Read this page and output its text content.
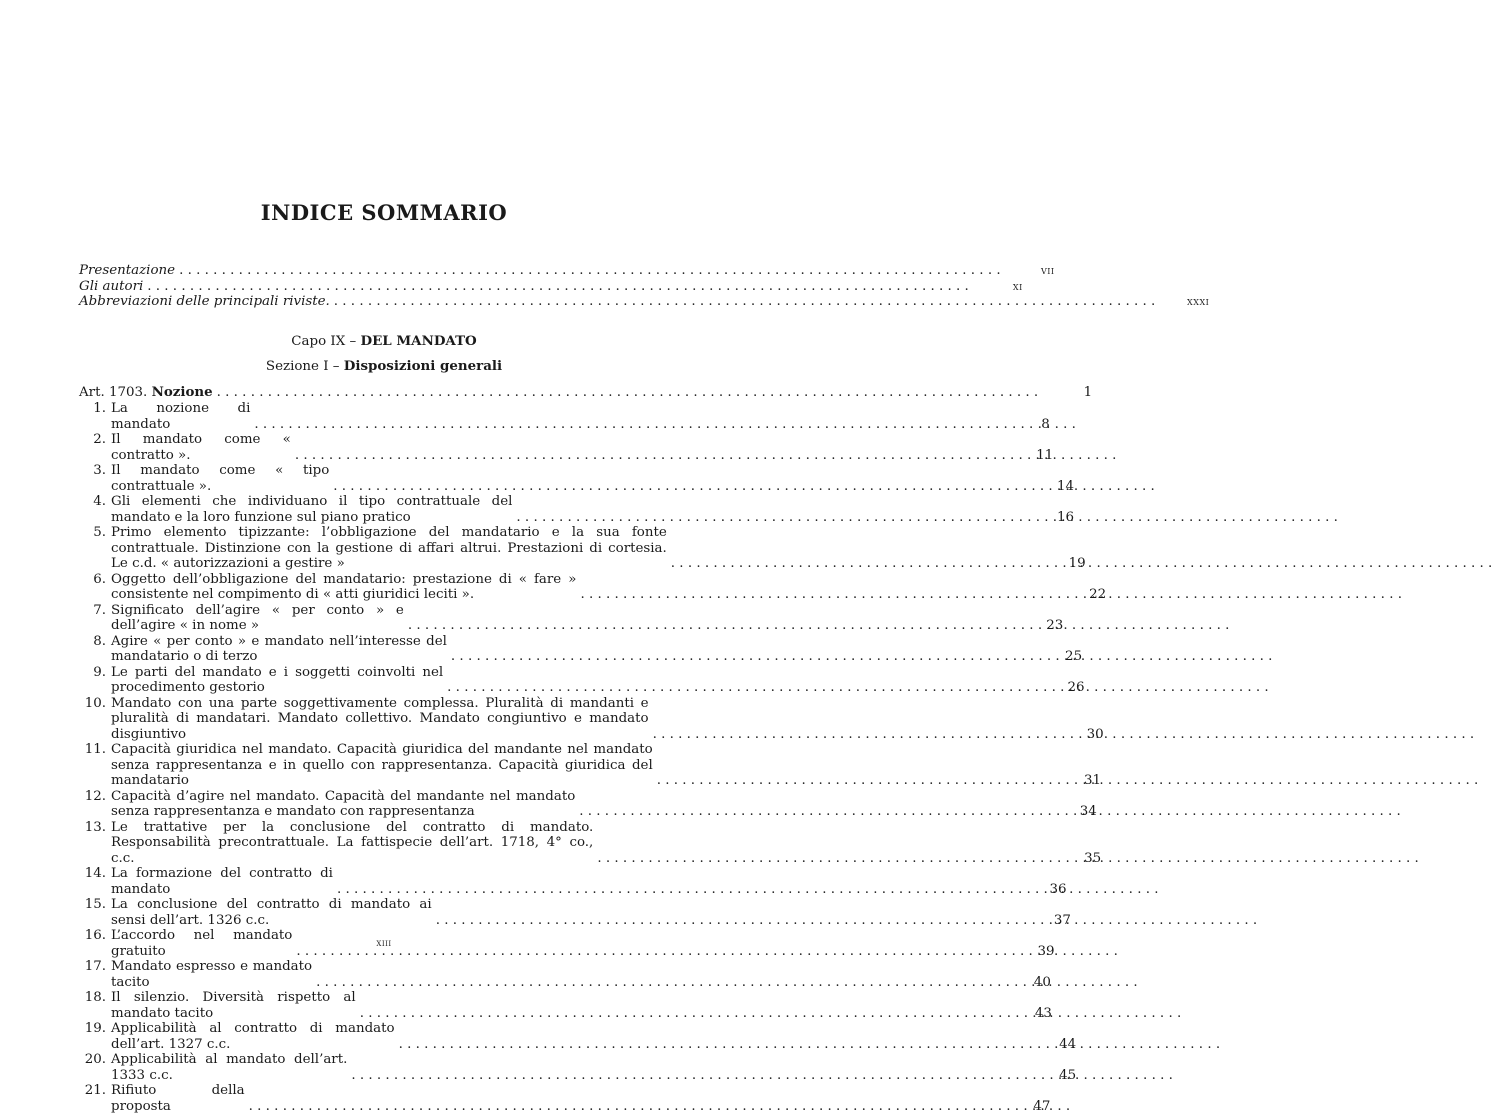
INDICE SOMMARIO
Presentazione . . .	vii
Gli autori . . .	xi
Abbreviazioni delle principali riviste. . . .	xxxi
Capo IX – DEL MANDATO
Sezione I – Disposizioni generali
Art. 1703. Nozione . . .	1
1. La nozione di mandato . . .	8
2. Il mandato come « contratto ». . . .	11
3. Il mandato come « tipo contrattuale ». . . .	14
4. Gli elementi che individuano il tipo contrattuale del mandato e la loro funzione sul piano pratico . . .	16
5. Primo elemento tipizzante: l’obbligazione del mandatario e la sua fonte contrattuale. Distinzione con la gestione di affari altrui. Prestazioni di cortesia. Le c.d. « autorizzazioni a gestire » . . .	19
6. Oggetto dell’obbligazione del mandatario: prestazione di « fare » consistente nel compimento di « atti giuridici leciti ». . . .	22
7. Significato dell’agire « per conto » e dell’agire « in nome » . . .	23
8. Agire « per conto » e mandato nell’interesse del mandatario o di terzo . . .	25
9. Le parti del mandato e i soggetti coinvolti nel procedimento gestorio . . .	26
10. Mandato con una parte soggettivamente complessa. Pluralità di mandanti e pluralità di mandatari. Mandato collettivo. Mandato congiuntivo e mandato disgiuntivo . . .	30
11. Capacità giuridica nel mandato. Capacità giuridica del mandante nel mandato senza rappresentanza e in quello con rappresentanza. Capacità giuridica del mandatario . . .	31
12. Capacità d’agire nel mandato. Capacità del mandante nel mandato senza rappresentanza e mandato con rappresentanza . . .	34
13. Le trattative per la conclusione del contratto di mandato. Responsabilità precontrattuale. La fattispecie dell’art. 1718, 4° co., c.c. . . .	35
14. La formazione del contratto di mandato . . .	36
15. La conclusione del contratto di mandato ai sensi dell’art. 1326 c.c. . . .	37
16. L’accordo nel mandato gratuito . . .	39
17. Mandato espresso e mandato tacito . . .	40
18. Il silenzio. Diversità rispetto al mandato tacito . . .	43
19. Applicabilità al contratto di mandato dell’art. 1327 c.c. . . .	44
20. Applicabilità al mandato dell’art. 1333 c.c. . . .	45
21. Rifiuto della proposta . . .	47
xiii
